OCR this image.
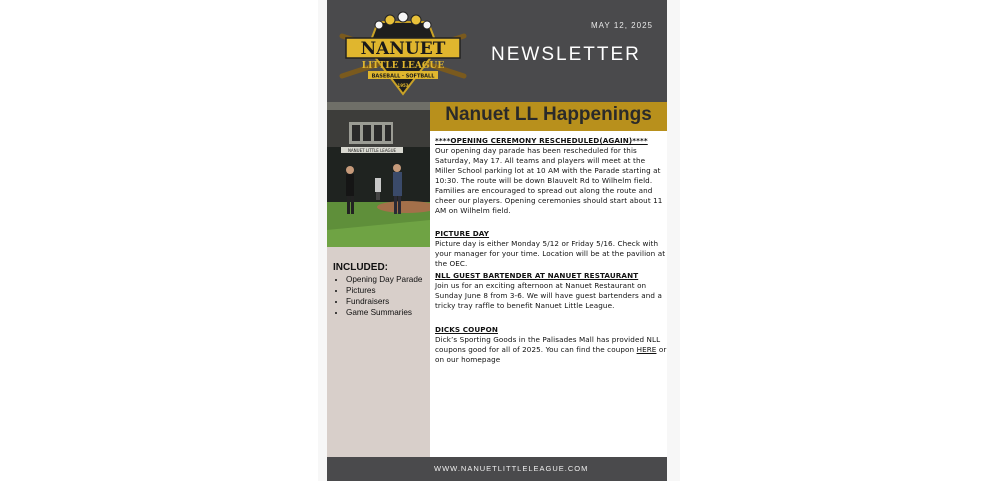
NANUET
LITTLE LEAGUE
BASEBALL · SOFTBALL
1953
MAY 12, 2025
NEWSLETTER
Nanuet LL Happenings
NANUET LITTLE LEAGUE
INCLUDED:
• Opening Day Parade
• Pictures
• Fundraisers
• Game Summaries
****OPENING CEREMONY RESCHEDULED(AGAIN)****
Our opening day parade has been rescheduled for this Saturday, May 17. All teams and players will meet at the Miller School parking lot at 10 AM with the Parade starting at 10:30. The route will be down Blauvelt Rd to Wilhelm field. Families are encouraged to spread out along the route and cheer our players. Opening ceremonies should start about 11 AM on Wilhelm field.
PICTURE DAY
Picture day is either Monday 5/12 or Friday 5/16. Check with your manager for your time. Location will be at the pavilion at the OEC.
NLL GUEST BARTENDER AT NANUET RESTAURANT
Join us for an exciting afternoon at Nanuet Restaurant on Sunday June 8 from 3-6. We will have guest bartenders and a tricky tray raffle to benefit Nanuet Little League.
DICKS COUPON
Dick’s Sporting Goods in the Palisades Mall has provided NLL coupons good for all of 2025. You can find the coupon HERE or on our homepage
WWW.NANUETLITTLELEAGUE.COM
